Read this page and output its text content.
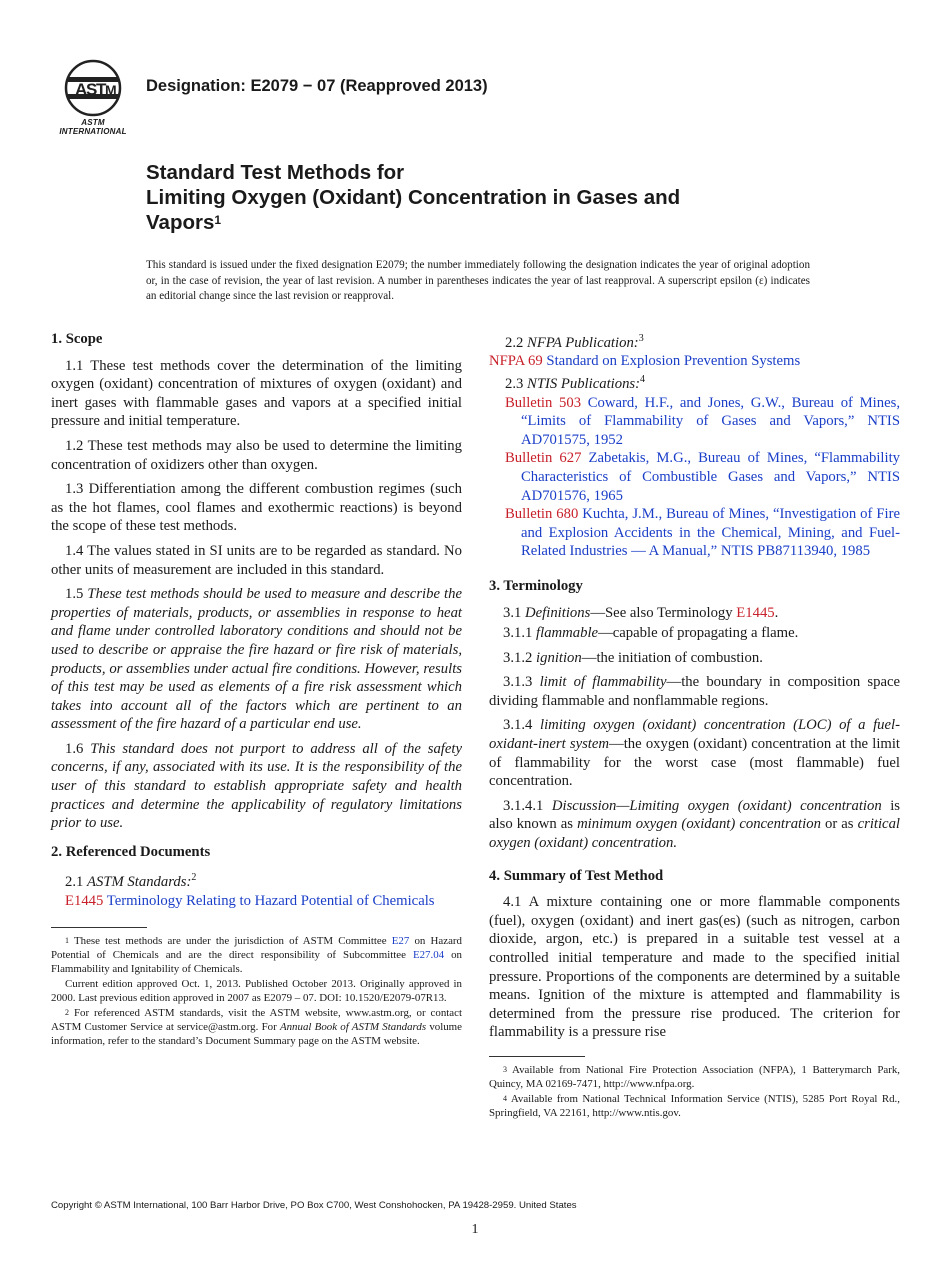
A
S
T
M
ASTM INTERNATIONAL
Designation: E2079 − 07 (Reapproved 2013)
Standard Test Methods for
Limiting Oxygen (Oxidant) Concentration in Gases and
Vapors$^1$
This standard is issued under the fixed designation E2079; the number immediately following the designation indicates the year of original adoption or, in the case of revision, the year of last revision. A number in parentheses indicates the year of last reapproval. A superscript epsilon (ε) indicates an editorial change since the last revision or reapproval.
1. Scope

1.1 These test methods cover the determination of the limiting oxygen (oxidant) concentration of mixtures of oxygen (oxidant) and inert gases with flammable gases and vapors at a specified initial pressure and initial temperature.

1.2 These test methods may also be used to determine the limiting concentration of oxidizers other than oxygen.

1.3 Differentiation among the different combustion regimes (such as the hot flames, cool flames and exothermic reactions) is beyond the scope of these test methods.

1.4 The values stated in SI units are to be regarded as standard. No other units of measurement are included in this standard.

1.5 These test methods should be used to measure and describe the properties of materials, products, or assemblies in response to heat and flame under controlled laboratory conditions and should not be used to describe or appraise the fire hazard or fire risk of materials, products, or assemblies under actual fire conditions. However, results of this test may be used as elements of a fire risk assessment which takes into account all of the factors which are pertinent to an assessment of the fire hazard of a particular end use.

1.6 This standard does not purport to address all of the safety concerns, if any, associated with its use. It is the responsibility of the user of this standard to establish appropriate safety and health practices and determine the applicability of regulatory limitations prior to use.

2. Referenced Documents

2.1 ASTM Standards:$^2$

E1445 Terminology Relating to Hazard Potential of Chemicals

$^1$ These test methods are under the jurisdiction of ASTM Committee E27 on Hazard Potential of Chemicals and are the direct responsibility of Subcommittee E27.04 on Flammability and Ignitability of Chemicals.

Current edition approved Oct. 1, 2013. Published October 2013. Originally approved in 2000. Last previous edition approved in 2007 as E2079 – 07. DOI: 10.1520/E2079-07R13.

$^2$ For referenced ASTM standards, visit the ASTM website, www.astm.org, or contact ASTM Customer Service at service@astm.org. For Annual Book of ASTM Standards volume information, refer to the standard’s Document Summary page on the ASTM website.

2.2 NFPA Publication:$^3$

NFPA 69 Standard on Explosion Prevention Systems

2.3 NTIS Publications:$^4$

Bulletin 503 Coward, H.F., and Jones, G.W., Bureau of Mines, “Limits of Flammability of Gases and Vapors,” NTIS AD701575, 1952

Bulletin 627 Zabetakis, M.G., Bureau of Mines, “Flammability Characteristics of Combustible Gases and Vapors,” NTIS AD701576, 1965

Bulletin 680 Kuchta, J.M., Bureau of Mines, “Investigation of Fire and Explosion Accidents in the Chemical, Mining, and Fuel-Related Industries — A Manual,” NTIS PB87113940, 1985

3. Terminology

3.1 Definitions—See also Terminology E1445.

3.1.1 flammable—capable of propagating a flame.

3.1.2 ignition—the initiation of combustion.

3.1.3 limit of flammability—the boundary in composition space dividing flammable and nonflammable regions.

3.1.4 limiting oxygen (oxidant) concentration (LOC) of a fuel-oxidant-inert system—the oxygen (oxidant) concentration at the limit of flammability for the worst case (most flammable) fuel concentration.

3.1.4.1 Discussion—Limiting oxygen (oxidant) concentration is also known as minimum oxygen (oxidant) concentration or as critical oxygen (oxidant) concentration.

4. Summary of Test Method

4.1 A mixture containing one or more flammable components (fuel), oxygen (oxidant) and inert gas(es) (such as nitrogen, carbon dioxide, argon, etc.) is prepared in a suitable test vessel at a controlled initial temperature and made to the specified initial pressure. Proportions of the components are determined by a suitable means. Ignition of the mixture is attempted and flammability is determined from the pressure rise produced. The criterion for flammability is a pressure rise

$^3$ Available from National Fire Protection Association (NFPA), 1 Batterymarch Park, Quincy, MA 02169-7471, http://www.nfpa.org.

$^4$ Available from National Technical Information Service (NTIS), 5285 Port Royal Rd., Springfield, VA 22161, http://www.ntis.gov.

Copyright © ASTM International, 100 Barr Harbor Drive, PO Box C700, West Conshohocken, PA 19428-2959. United States
1
